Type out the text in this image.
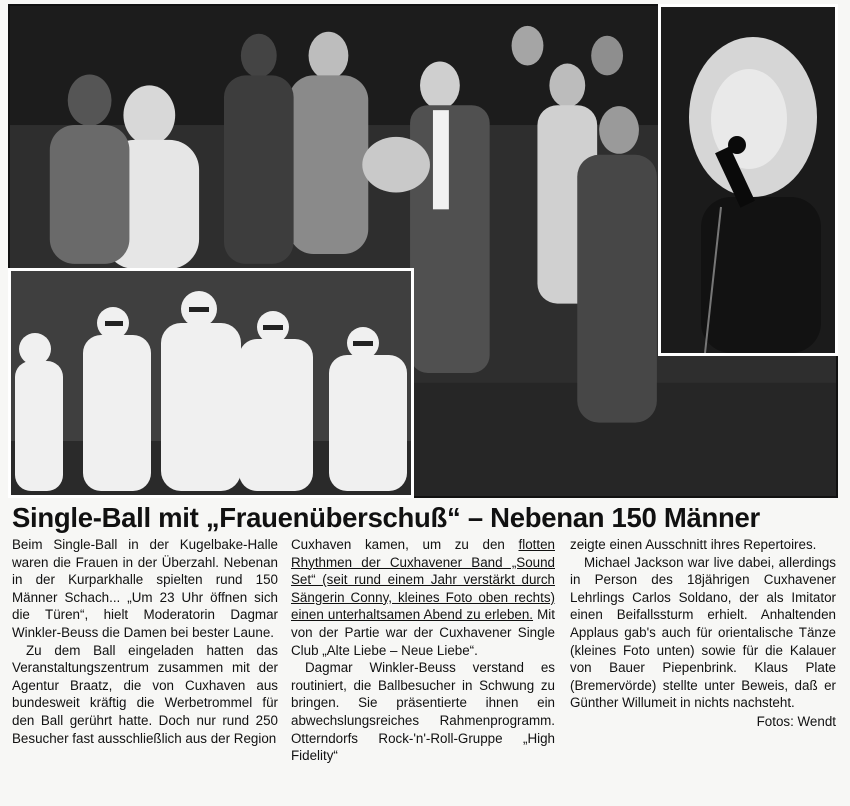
Single-Ball mit „Frauenüberschuß“ – Nebenan 150 Männer

Beim Single-Ball in der Kugelbake-Halle waren die Frauen in der Überzahl. Nebenan in der Kurparkhalle spielten rund 150 Männer Schach... „Um 23 Uhr öffnen sich die Türen“, hielt Moderatorin Dagmar Winkler-Beuss die Damen bei bester Laune.

Zu dem Ball eingeladen hatten das Veranstaltungszentrum zusammen mit der Agentur Braatz, die von Cuxhaven aus bundesweit kräftig die Werbetrommel für den Ball gerührt hatte. Doch nur rund 250 Besucher fast ausschließlich aus der Region

Cuxhaven kamen, um zu den flotten Rhythmen der Cuxhavener Band „Sound Set“ (seit rund einem Jahr verstärkt durch Sängerin Conny, kleines Foto oben rechts) einen unterhaltsamen Abend zu erleben. Mit von der Partie war der Cuxhavener Single Club „Alte Liebe – Neue Liebe“.

Dagmar Winkler-Beuss verstand es routiniert, die Ballbesucher in Schwung zu bringen. Sie präsentierte ihnen ein abwechslungsreiches Rahmenprogramm. Otterndorfs Rock-'n'-Roll-Gruppe „High Fidelity“

zeigte einen Ausschnitt ihres Repertoires.

Michael Jackson war live dabei, allerdings in Person des 18jährigen Cuxhavener Lehrlings Carlos Soldano, der als Imitator einen Beifallssturm erhielt. Anhaltenden Applaus gab's auch für orientalische Tänze (kleines Foto unten) sowie für die Kalauer von Bauer Piepenbrink. Klaus Plate (Bremervörde) stellte unter Beweis, daß er Günther Willumeit in nichts nachsteht.

Fotos: Wendt
